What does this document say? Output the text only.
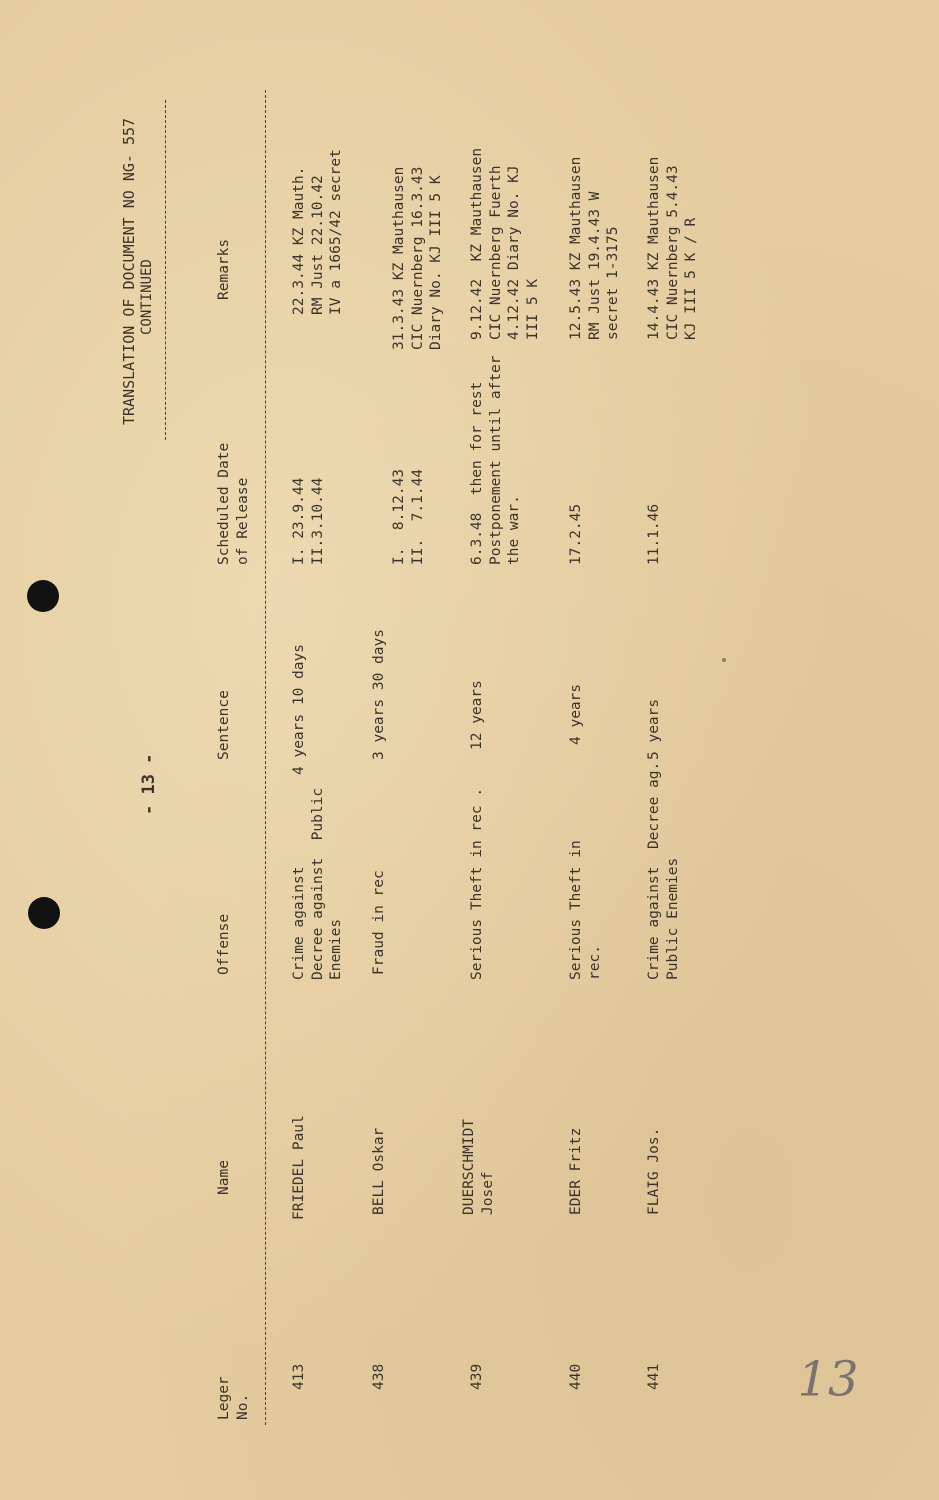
TRANSLATION OF DOCUMENT NO NG- 557 CONTINUED
- 13 -
Leger
No.
Name
Offense
Sentence
Scheduled Date
of Release
Remarks
413
FRIEDEL Paul
Crime against
Decree against  Public
Enemies
4 years 10 days
I. 23.9.44
II.3.10.44
22.3.44 KZ Mauth.
RM Just 22.10.42
IV a 1665/42 secret
438
BELL Oskar
Fraud in rec
3 years 30 days
I.  8.12.43
II.  7.1.44
31.3.43 KZ Mauthausen
CIC Nuernberg 16.3.43
Diary No. KJ III 5 K
439
DUERSCHMIDT
Josef
Serious Theft in rec .
12 years
6.3.48  then for rest
Postponement until after
the war.
9.12.42  KZ Mauthausen
CIC Nuernberg Fuerth
4.12.42 Diary No. KJ
III 5 K
440
EDER Fritz
Serious Theft in
rec.
4 years
17.2.45
12.5.43 KZ Mauthausen
RM Just 19.4.43 W
secret 1-3175
441
FLAIG Jos.
Crime against  Decree ag.
Public Enemies
5 years
11.1.46
14.4.43 KZ Mauthausen
CIC Nuernberg 5.4.43
KJ III 5 K / R
13
